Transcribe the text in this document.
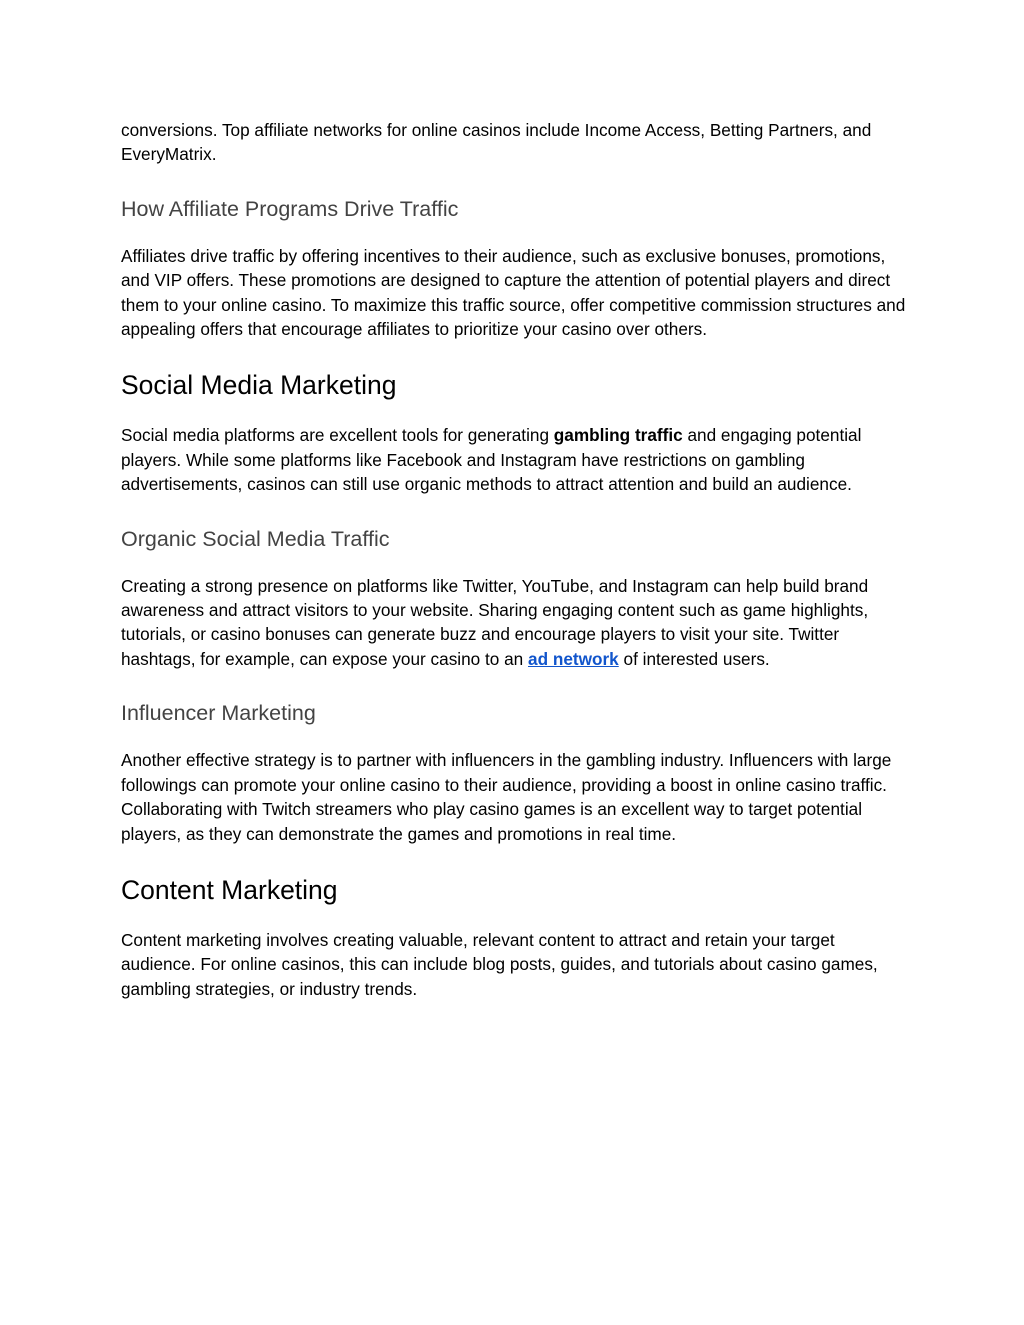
conversions. Top affiliate networks for online casinos include Income Access, Betting Partners, and EveryMatrix.

How Affiliate Programs Drive Traffic

Affiliates drive traffic by offering incentives to their audience, such as exclusive bonuses, promotions, and VIP offers. These promotions are designed to capture the attention of potential players and direct them to your online casino. To maximize this traffic source, offer competitive commission structures and appealing offers that encourage affiliates to prioritize your casino over others.

Social Media Marketing

Social media platforms are excellent tools for generating gambling traffic and engaging potential players. While some platforms like Facebook and Instagram have restrictions on gambling advertisements, casinos can still use organic methods to attract attention and build an audience.

Organic Social Media Traffic

Creating a strong presence on platforms like Twitter, YouTube, and Instagram can help build brand awareness and attract visitors to your website. Sharing engaging content such as game highlights, tutorials, or casino bonuses can generate buzz and encourage players to visit your site. Twitter hashtags, for example, can expose your casino to an ad network of interested users.

Influencer Marketing

Another effective strategy is to partner with influencers in the gambling industry. Influencers with large followings can promote your online casino to their audience, providing a boost in online casino traffic. Collaborating with Twitch streamers who play casino games is an excellent way to target potential players, as they can demonstrate the games and promotions in real time.

Content Marketing

Content marketing involves creating valuable, relevant content to attract and retain your target audience. For online casinos, this can include blog posts, guides, and tutorials about casino games, gambling strategies, or industry trends.
